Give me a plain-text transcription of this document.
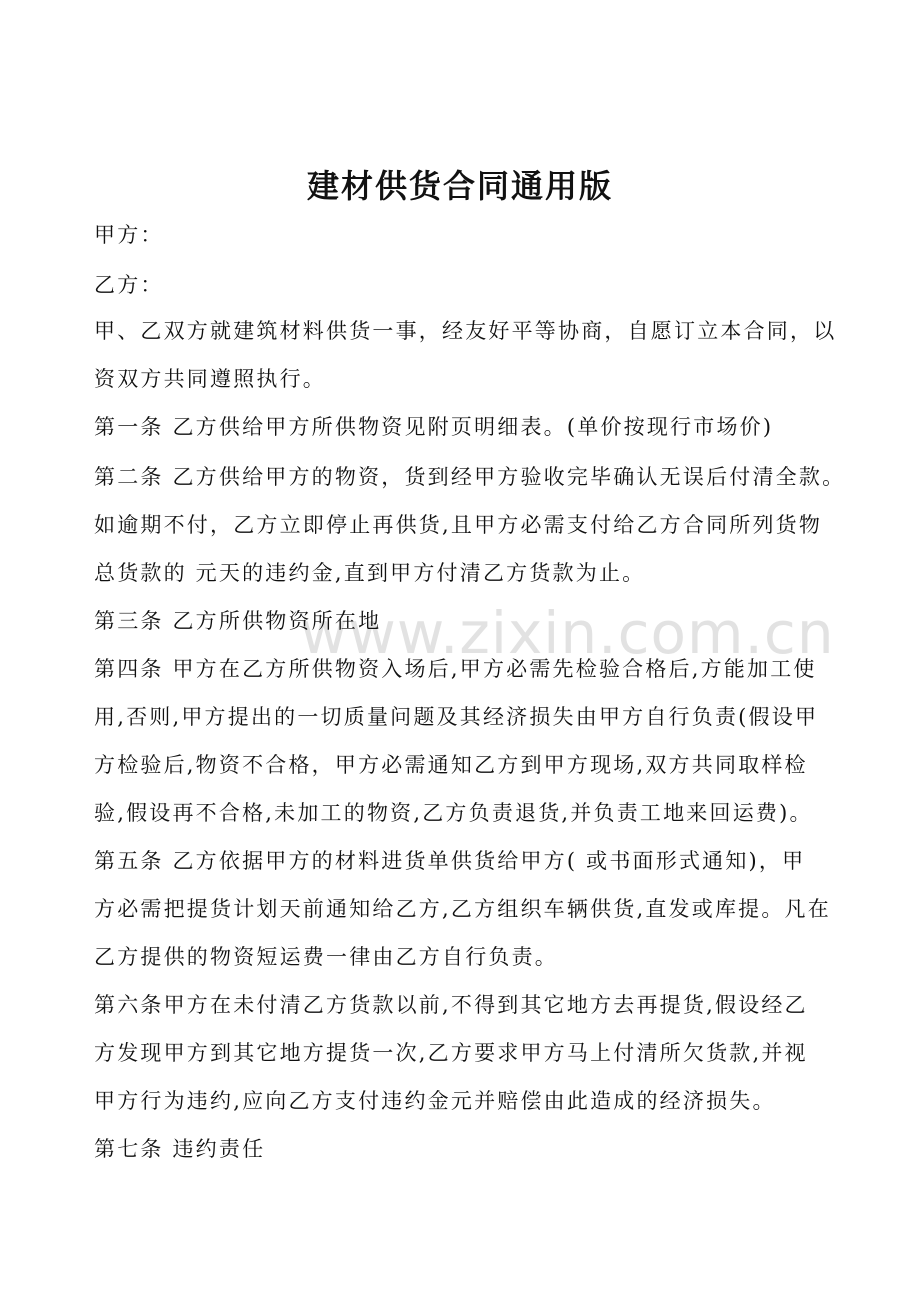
www.zixin.com.cn
建材供货合同通用版
甲方：
乙方：
甲、乙双方就建筑材料供货一事，经友好平等协商，自愿订立本合同，以
资双方共同遵照执行。
第一条 乙方供给甲方所供物资见附页明细表。(单价按现行市场价)
第二条 乙方供给甲方的物资，货到经甲方验收完毕确认无误后付清全款。
如逾期不付，乙方立即停止再供货,且甲方必需支付给乙方合同所列货物
总货款的 元天的违约金,直到甲方付清乙方货款为止。
第三条 乙方所供物资所在地
第四条 甲方在乙方所供物资入场后,甲方必需先检验合格后,方能加工使
用,否则,甲方提出的一切质量问题及其经济损失由甲方自行负责(假设甲
方检验后,物资不合格，甲方必需通知乙方到甲方现场,双方共同取样检
验,假设再不合格,未加工的物资,乙方负责退货,并负责工地来回运费)。
第五条 乙方依据甲方的材料进货单供货给甲方( 或书面形式通知)，甲
方必需把提货计划天前通知给乙方,乙方组织车辆供货,直发或库提。凡在
乙方提供的物资短运费一律由乙方自行负责。
第六条甲方在未付清乙方货款以前,不得到其它地方去再提货,假设经乙
方发现甲方到其它地方提货一次,乙方要求甲方马上付清所欠货款,并视
甲方行为违约,应向乙方支付违约金元并赔偿由此造成的经济损失。
第七条 违约责任
